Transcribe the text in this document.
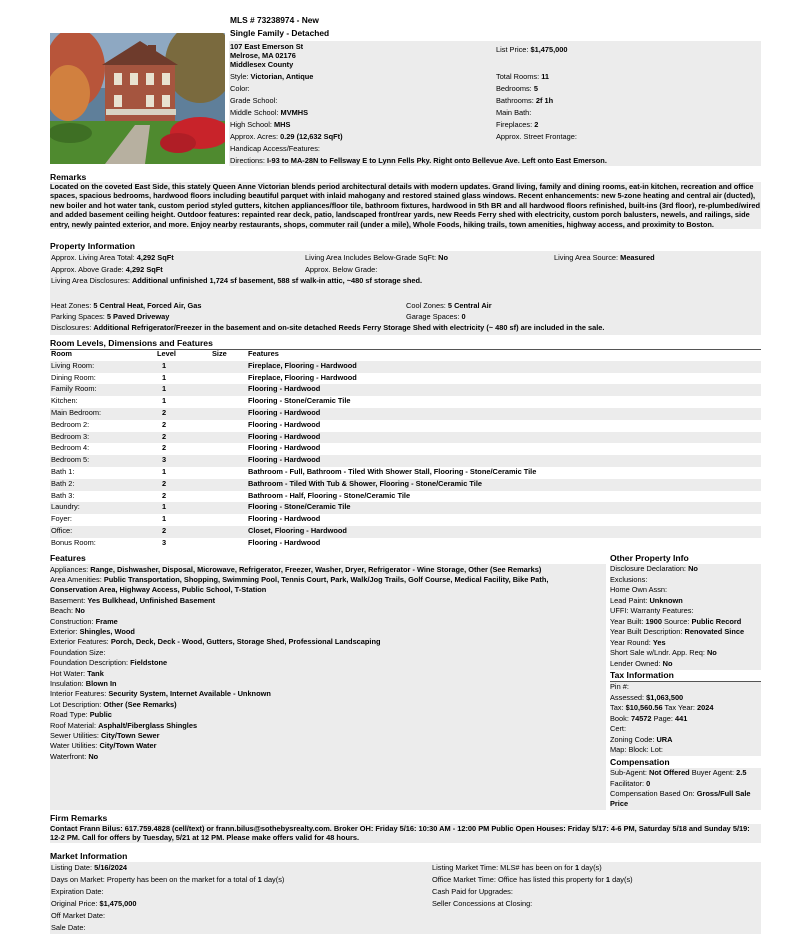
MLS # 73238974 - New
Single Family - Detached
107 East Emerson St
Melrose, MA 02176
Middlesex County
Style: Victorian, Antique
Color:
Grade School:
Middle School: MVMHS
High School: MHS
Approx. Acres: 0.29 (12,632 SqFt)
Handicap Access/Features:
Directions: I-93 to MA-28N to Fellsway E to Lynn Fells Pky. Right onto Bellevue Ave. Left onto East Emerson.
List Price: $1,475,000
Total Rooms: 11
Bedrooms: 5
Bathrooms: 2f 1h
Main Bath:
Fireplaces: 2
Approx. Street Frontage:
Remarks
Located on the coveted East Side, this stately Queen Anne Victorian blends period architectural details with modern updates. Grand living, family and dining rooms, eat-in kitchen, recreation and office spaces, spacious bedrooms, hardwood floors including beautiful parquet with inlaid mahogany and restored stained glass windows. Recent enhancements: new 5-zone heating and central air (ducted), new boiler and hot water tank, custom period styled gutters, kitchen appliances/floor tile, bathroom fixtures, hardwood in 5th BR and all hardwood floors refinished, built-ins (3rd floor), re-plumbed/wired and added basement ceiling height. Outdoor features: repainted rear deck, patio, landscaped front/rear yards, new Reeds Ferry shed with electricity, custom porch balusters, newels, and railings, side entry, newly painted exterior, and more. Enjoy nearby restaurants, shops, commuter rail (under a mile), Whole Foods, hiking trails, town amenities, highway access, and proximity to Boston.
Property Information
Approx. Living Area Total: 4,292 SqFt	Living Area Includes Below-Grade SqFt: No	Living Area Source: Measured
Approx. Above Grade: 4,292 SqFt	Approx. Below Grade:
Living Area Disclosures: Additional unfinished 1,724 sf basement, 588 sf walk-in attic, ~480 sf storage shed.
Heat Zones: 5 Central Heat, Forced Air, Gas	Cool Zones: 5 Central Air
Parking Spaces: 5 Paved Driveway	Garage Spaces: 0
Disclosures: Additional Refrigerator/Freezer in the basement and on-site detached Reeds Ferry Storage Shed with electricity (~ 480 sf) are included in the sale.
Room Levels, Dimensions and Features
Room	Level	Size	Features
Living Room:	1	Fireplace, Flooring - Hardwood
Dining Room:	1	Fireplace, Flooring - Hardwood
Family Room:	1	Flooring - Hardwood
Kitchen:	1	Flooring - Stone/Ceramic Tile
Main Bedroom:	2	Flooring - Hardwood
Bedroom 2:	2	Flooring - Hardwood
Bedroom 3:	2	Flooring - Hardwood
Bedroom 4:	2	Flooring - Hardwood
Bedroom 5:	3	Flooring - Hardwood
Bath 1:	1	Bathroom - Full, Bathroom - Tiled With Shower Stall, Flooring - Stone/Ceramic Tile
Bath 2:	2	Bathroom - Tiled With Tub & Shower, Flooring - Stone/Ceramic Tile
Bath 3:	2	Bathroom - Half, Flooring - Stone/Ceramic Tile
Laundry:	1	Flooring - Stone/Ceramic Tile
Foyer:	1	Flooring - Hardwood
Office:	2	Closet, Flooring - Hardwood
Bonus Room:	3	Flooring - Hardwood
Features
Appliances: Range, Dishwasher, Disposal, Microwave, Refrigerator, Freezer, Washer, Dryer, Refrigerator - Wine Storage, Other (See Remarks)
Area Amenities: Public Transportation, Shopping, Swimming Pool, Tennis Court, Park, Walk/Jog Trails, Golf Course, Medical Facility, Bike Path,
Conservation Area, Highway Access, Public School, T-Station
Basement: Yes Bulkhead, Unfinished Basement
Beach: No
Construction: Frame
Exterior: Shingles, Wood
Exterior Features: Porch, Deck, Deck - Wood, Gutters, Storage Shed, Professional Landscaping
Foundation Size:
Foundation Description: Fieldstone
Hot Water: Tank
Insulation: Blown In
Interior Features: Security System, Internet Available - Unknown
Lot Description: Other (See Remarks)
Road Type: Public
Roof Material: Asphalt/Fiberglass Shingles
Sewer Utilities: City/Town Sewer
Water Utilities: City/Town Water
Waterfront: No
Other Property Info
Disclosure Declaration: No
Exclusions:
Home Own Assn:
Lead Paint: Unknown
UFFI: Warranty Features:
Year Built: 1900 Source: Public Record
Year Built Description: Renovated Since
Year Round: Yes
Short Sale w/Lndr. App. Req: No
Lender Owned: No
Tax Information
Pin #:
Assessed: $1,063,500
Tax: $10,560.56 Tax Year: 2024
Book: 74572 Page: 441
Cert:
Zoning Code: URA
Map: Block: Lot:
Compensation
Sub-Agent: Not Offered Buyer Agent: 2.5
Facilitator: 0
Compensation Based On: Gross/Full Sale
Price
Firm Remarks
Contact Frann Bilus: 617.759.4828 (cell/text) or frann.bilus@sothebysrealty.com. Broker OH: Friday 5/16: 10:30 AM - 12:00 PM Public Open Houses: Friday 5/17: 4-6 PM, Saturday 5/18 and Sunday 5/19: 12-2 PM. Call for offers by Tuesday, 5/21 at 12 PM. Please make offers valid for 48 hours.
Market Information
Listing Date: 5/16/2024
Days on Market: Property has been on the market for a total of 1 day(s)
Expiration Date:
Original Price: $1,475,000
Off Market Date:
Sale Date:
Listing Market Time: MLS# has been on for 1 day(s)
Office Market Time: Office has listed this property for 1 day(s)
Cash Paid for Upgrades:
Seller Concessions at Closing:
